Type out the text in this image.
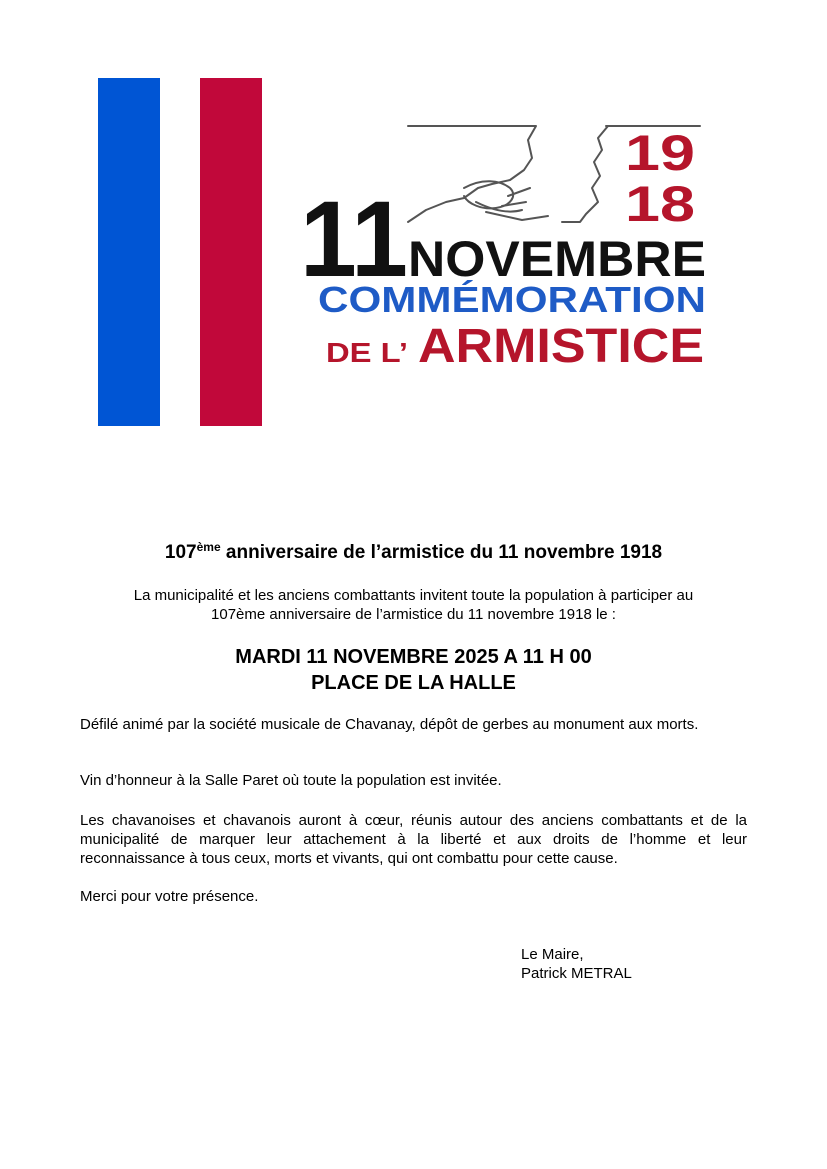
19
18
11 NOVEMBRE
COMMÉMORATION
DE L’ ARMISTICE
107ème anniversaire de l’armistice du 11 novembre 1918
La municipalité et les anciens combattants invitent toute la population à participer au
107ème anniversaire de l’armistice du 11 novembre 1918 le :
MARDI 11 NOVEMBRE 2025 A 11 H 00
PLACE DE LA HALLE
Défilé animé par la société musicale de Chavanay, dépôt de gerbes au monument aux morts.
Vin d’honneur à la Salle Paret où toute la population est invitée.
Les chavanoises et chavanois auront à cœur, réunis autour des anciens combattants et de la municipalité de marquer leur attachement à la liberté et aux droits de l’homme et leur reconnaissance à tous ceux, morts et vivants, qui ont combattu pour cette cause.
Merci pour votre présence.
Le Maire,
Patrick METRAL
